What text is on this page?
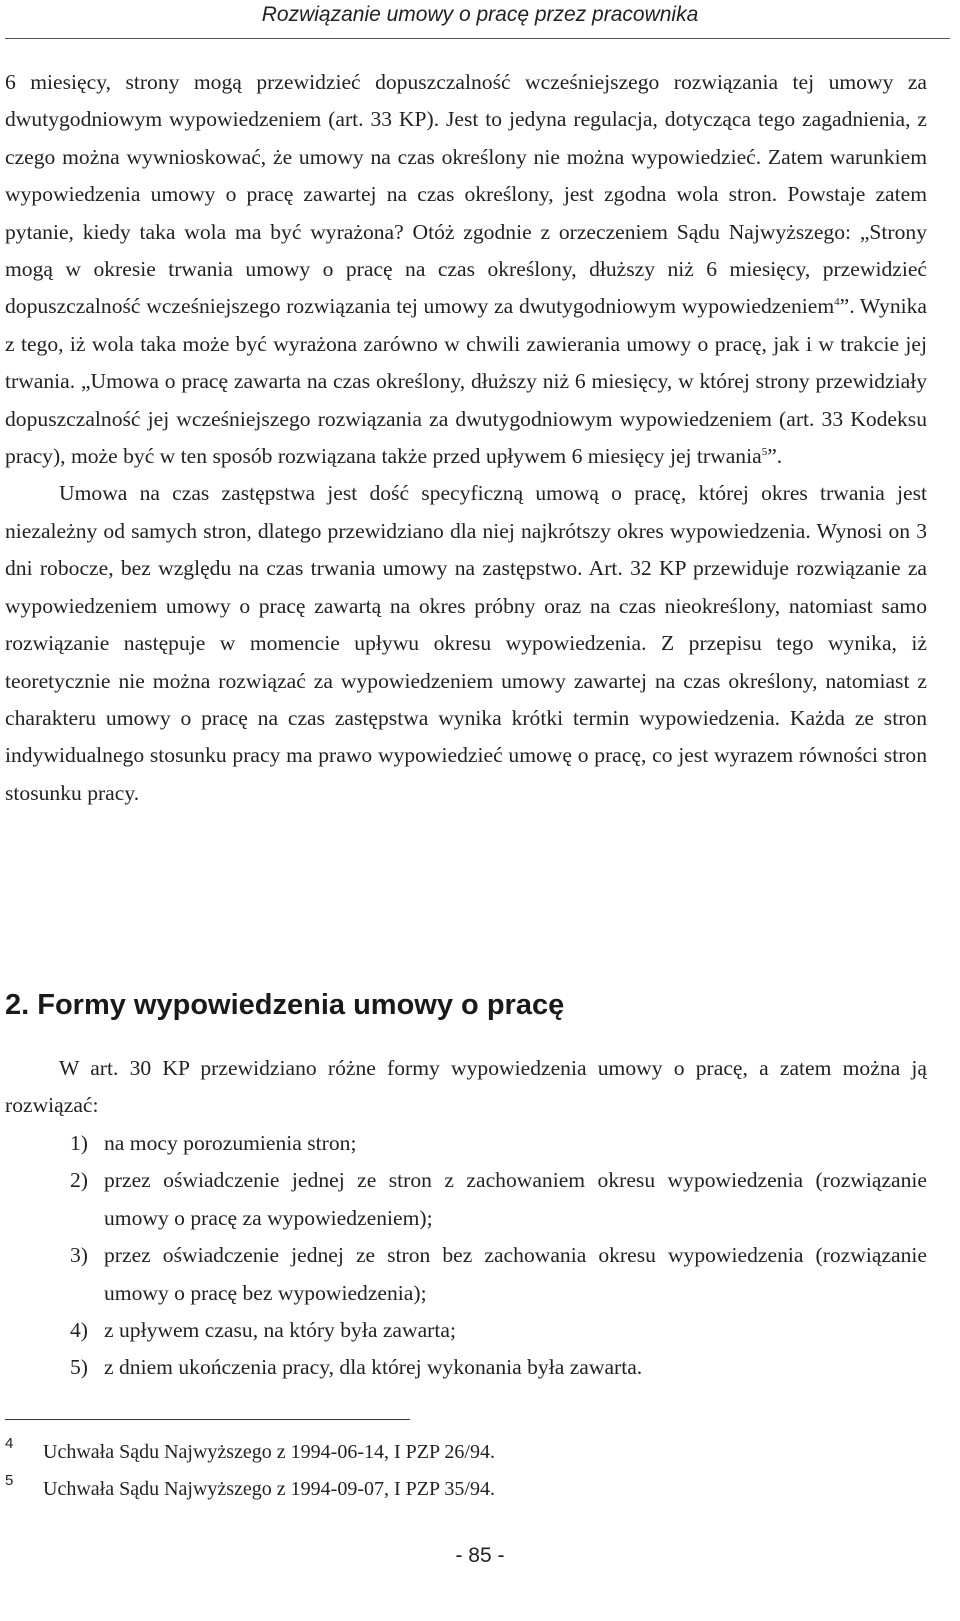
Rozwiązanie umowy o pracę przez pracownika

6 miesięcy, strony mogą przewidzieć dopuszczalność wcześniejszego rozwiązania tej umowy za dwutygodniowym wypowiedzeniem (art. 33 KP). Jest to jedyna regulacja, dotycząca tego zagadnienia, z czego można wywnioskować, że umowy na czas określony nie można wypowiedzieć. Zatem warunkiem wypowiedzenia umowy o pracę zawartej na czas określony, jest zgodna wola stron. Powstaje zatem pytanie, kiedy taka wola ma być wyrażona? Otóż zgodnie z orzeczeniem Sądu Najwyższego: „Strony mogą w okresie trwania umowy o pracę na czas określony, dłuższy niż 6 miesięcy, przewidzieć dopuszczalność wcześniejszego rozwiązania tej umowy za dwutygodniowym wypowiedzeniem$^4$”. Wynika z tego, iż wola taka może być wyrażona zarówno w chwili zawierania umowy o pracę, jak i w trakcie jej trwania. „Umowa o pracę zawarta na czas określony, dłuższy niż 6 miesięcy, w której strony przewidziały dopuszczalność jej wcześniejszego rozwiązania za dwutygodniowym wypowiedzeniem (art. 33 Kodeksu pracy), może być w ten sposób rozwiązana także przed upływem 6 miesięcy jej trwania$^5$”.

Umowa na czas zastępstwa jest dość specyficzną umową o pracę, której okres trwania jest niezależny od samych stron, dlatego przewidziano dla niej najkrótszy okres wypowiedzenia. Wynosi on 3 dni robocze, bez względu na czas trwania umowy na zastępstwo. Art. 32 KP przewiduje rozwiązanie za wypowiedzeniem umowy o pracę zawartą na okres próbny oraz na czas nieokreślony, natomiast samo rozwiązanie następuje w momencie upływu okresu wypowiedzenia. Z przepisu tego wynika, iż teoretycznie nie można rozwiązać za wypowiedzeniem umowy zawartej na czas określony, natomiast z charakteru umowy o pracę na czas zastępstwa wynika krótki termin wypowiedzenia. Każda ze stron indywidualnego stosunku pracy ma prawo wypowiedzieć umowę o pracę, co jest wyrazem równości stron stosunku pracy.

2. Formy wypowiedzenia umowy o pracę

W art. 30 KP przewidziano różne formy wypowiedzenia umowy o pracę, a zatem można ją rozwiązać:

1) na mocy porozumienia stron;
2) przez oświadczenie jednej ze stron z zachowaniem okresu wypowiedzenia (rozwiązanie umowy o pracę za wypowiedzeniem);
3) przez oświadczenie jednej ze stron bez zachowania okresu wypowiedzenia (rozwiązanie umowy o pracę bez wypowiedzenia);
4) z upływem czasu, na który była zawarta;
5) z dniem ukończenia pracy, dla której wykonania była zawarta.
4 Uchwała Sądu Najwyższego z 1994-06-14, I PZP 26/94.
5 Uchwała Sądu Najwyższego z 1994-09-07, I PZP 35/94.
- 85 -
